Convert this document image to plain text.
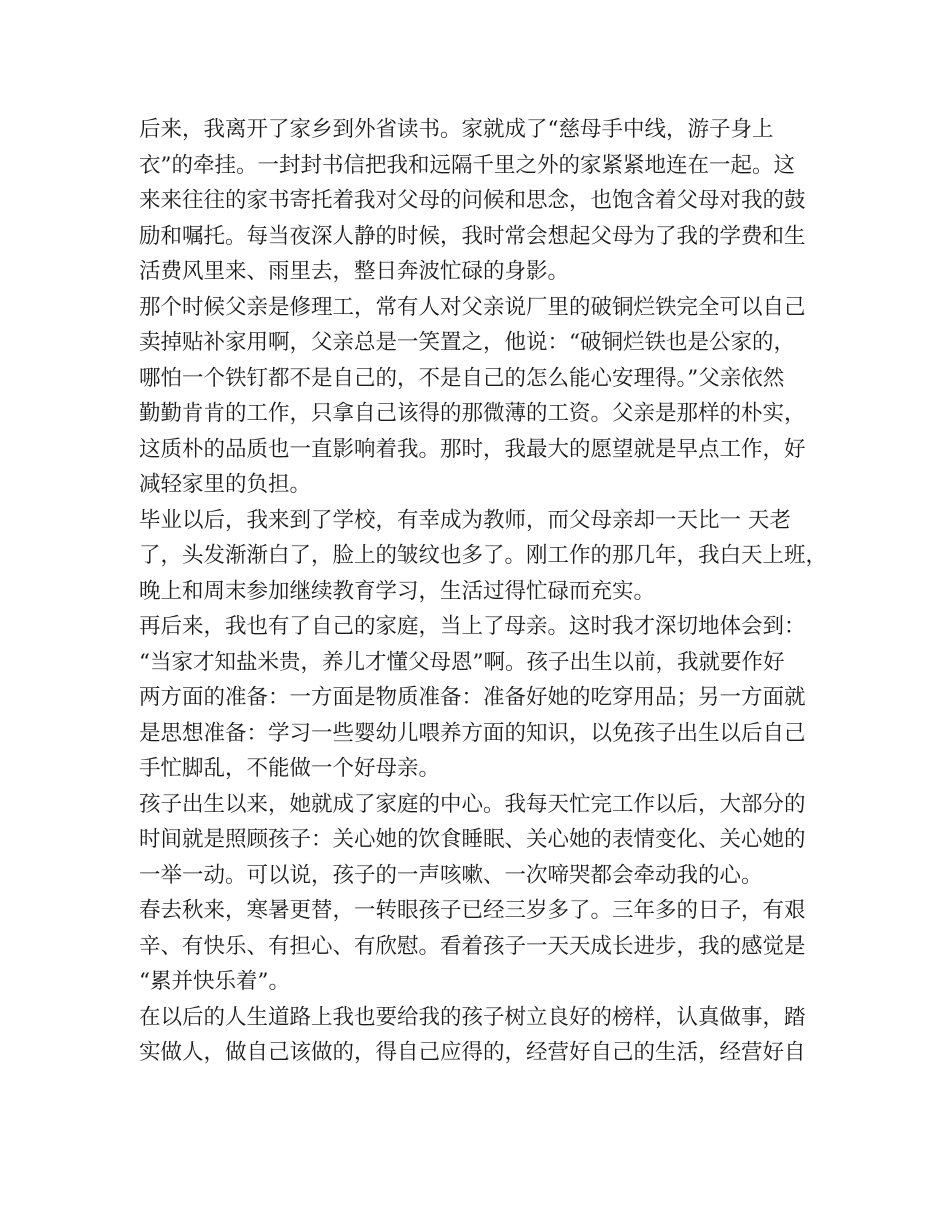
后来，我离开了家乡到外省读书。家就成了“慈母手中线，游子身上
衣”的牵挂。一封封书信把我和远隔千里之外的家紧紧地连在一起。这
来来往往的家书寄托着我对父母的问候和思念，也饱含着父母对我的鼓
励和嘱托。每当夜深人静的时候，我时常会想起父母为了我的学费和生
活费风里来、雨里去，整日奔波忙碌的身影。
那个时候父亲是修理工，常有人对父亲说厂里的破铜烂铁完全可以自己
卖掉贴补家用啊，父亲总是一笑置之，他说：“破铜烂铁也是公家的，
哪怕一个铁钉都不是自己的，不是自己的怎么能心安理得。”父亲依然
勤勤肯肯的工作，只拿自己该得的那微薄的工资。父亲是那样的朴实，
这质朴的品质也一直影响着我。那时，我最大的愿望就是早点工作，好
减轻家里的负担。
毕业以后，我来到了学校，有幸成为教师，而父母亲却一天比一 天老
了，头发渐渐白了，脸上的皱纹也多了。刚工作的那几年，我白天上班，
晚上和周末参加继续教育学习，生活过得忙碌而充实。
再后来，我也有了自己的家庭，当上了母亲。这时我才深切地体会到：
“当家才知盐米贵，养儿才懂父母恩”啊。孩子出生以前，我就要作好
两方面的准备：一方面是物质准备：准备好她的吃穿用品；另一方面就
是思想准备：学习一些婴幼儿喂养方面的知识，以免孩子出生以后自己
手忙脚乱，不能做一个好母亲。
孩子出生以来，她就成了家庭的中心。我每天忙完工作以后，大部分的
时间就是照顾孩子：关心她的饮食睡眠、关心她的表情变化、关心她的
一举一动。可以说，孩子的一声咳嗽、一次啼哭都会牵动我的心。
春去秋来，寒暑更替，一转眼孩子已经三岁多了。三年多的日子，有艰
辛、有快乐、有担心、有欣慰。看着孩子一天天成长进步，我的感觉是
“累并快乐着”。
在以后的人生道路上我也要给我的孩子树立良好的榜样，认真做事，踏
实做人，做自己该做的，得自己应得的，经营好自己的生活，经营好自
